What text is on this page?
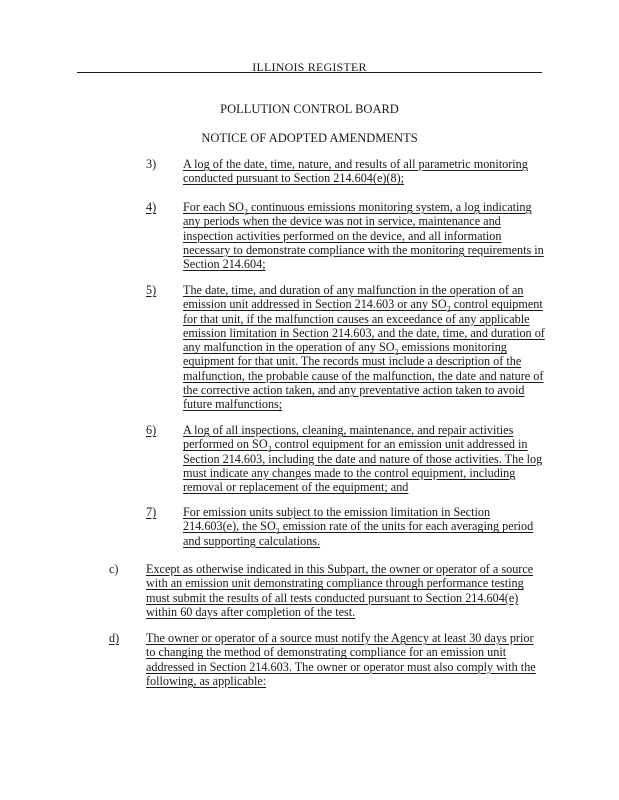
ILLINOIS REGISTER
POLLUTION CONTROL BOARD
NOTICE OF ADOPTED AMENDMENTS
3) A log of the date, time, nature, and results of all parametric monitoring conducted pursuant to Section 214.604(e)(8);
4) For each $SO_2$ continuous emissions monitoring system, a log indicating any periods when the device was not in service, maintenance and inspection activities performed on the device, and all information necessary to demonstrate compliance with the monitoring requirements in Section 214.604;
5) The date, time, and duration of any malfunction in the operation of an emission unit addressed in Section 214.603 or any $SO_2$ control equipment for that unit, if the malfunction causes an exceedance of any applicable emission limitation in Section 214.603, and the date, time, and duration of any malfunction in the operation of any $SO_2$ emissions monitoring equipment for that unit. The records must include a description of the malfunction, the probable cause of the malfunction, the date and nature of the corrective action taken, and any preventative action taken to avoid future malfunctions;
6) A log of all inspections, cleaning, maintenance, and repair activities performed on $SO_2$ control equipment for an emission unit addressed in Section 214.603, including the date and nature of those activities. The log must indicate any changes made to the control equipment, including removal or replacement of the equipment; and
7) For emission units subject to the emission limitation in Section 214.603(e), the $SO_2$ emission rate of the units for each averaging period and supporting calculations.
c) Except as otherwise indicated in this Subpart, the owner or operator of a source with an emission unit demonstrating compliance through performance testing must submit the results of all tests conducted pursuant to Section 214.604(e) within 60 days after completion of the test.
d) The owner or operator of a source must notify the Agency at least 30 days prior to changing the method of demonstrating compliance for an emission unit addressed in Section 214.603. The owner or operator must also comply with the following, as applicable:
